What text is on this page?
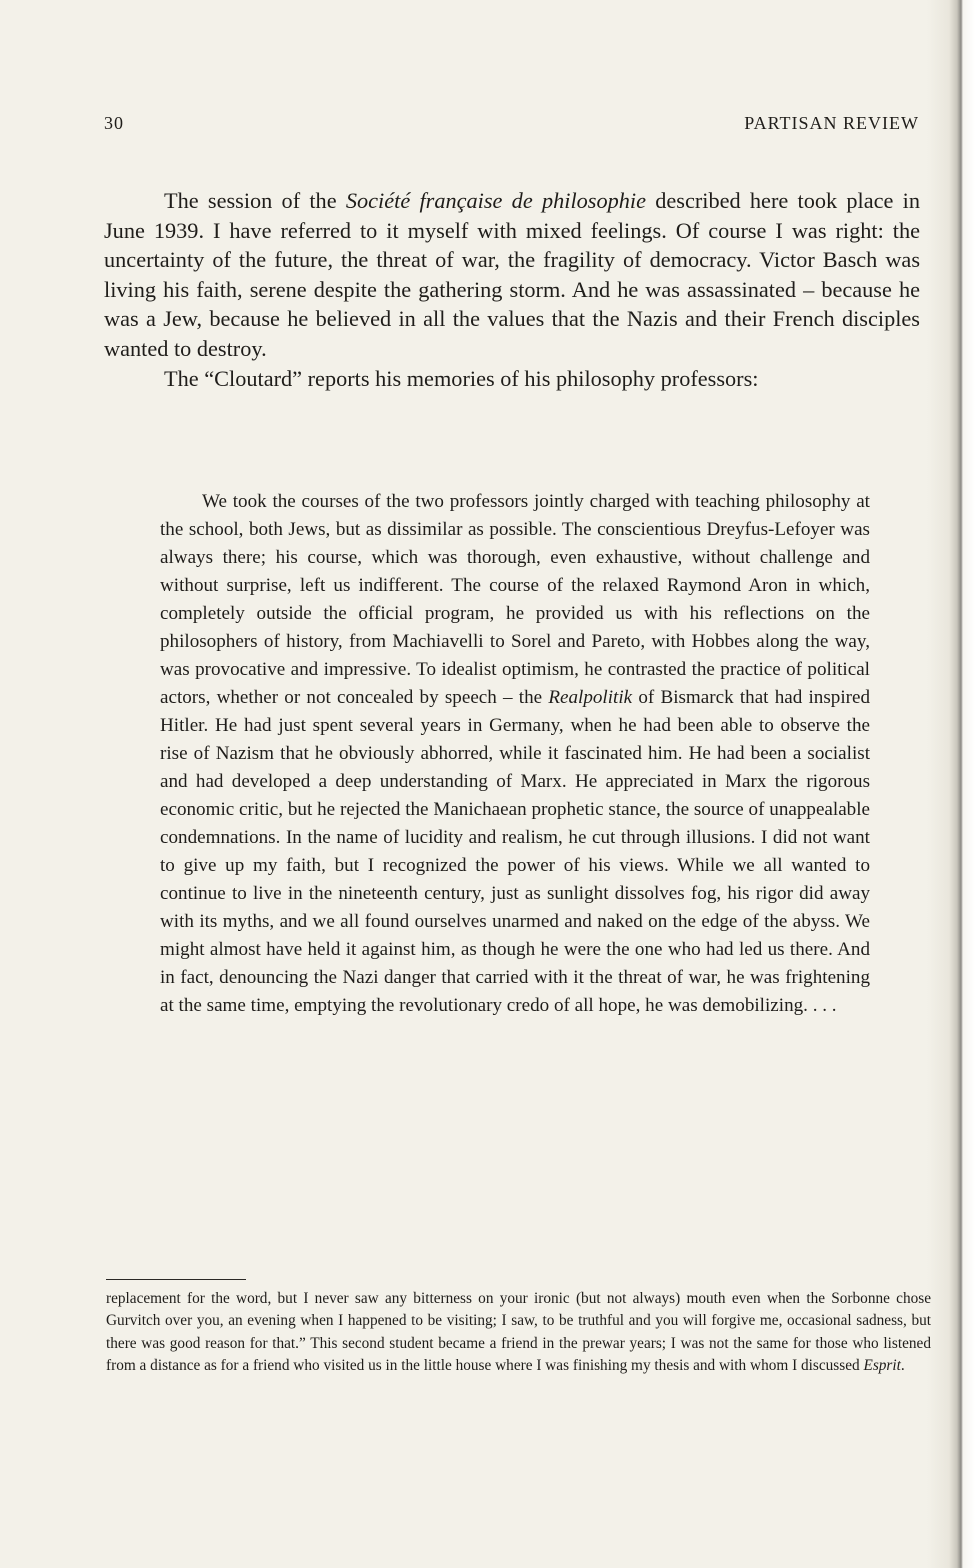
30	PARTISAN REVIEW

The session of the Société française de philosophie described here took place in June 1939. I have referred to it myself with mixed feelings. Of course I was right: the uncertainty of the future, the threat of war, the fragility of democracy. Victor Basch was living his faith, serene despite the gathering storm. And he was assassinated – because he was a Jew, because he believed in all the values that the Nazis and their French disciples wanted to destroy.

The “Cloutard” reports his memories of his philosophy professors:

We took the courses of the two professors jointly charged with teaching philosophy at the school, both Jews, but as dissimilar as possible. The conscientious Dreyfus-Lefoyer was always there; his course, which was thorough, even exhaustive, without challenge and without surprise, left us indifferent. The course of the relaxed Raymond Aron in which, completely outside the official program, he provided us with his reflections on the philosophers of history, from Machiavelli to Sorel and Pareto, with Hobbes along the way, was provocative and impressive. To idealist optimism, he contrasted the practice of political actors, whether or not concealed by speech – the Realpolitik of Bismarck that had inspired Hitler. He had just spent several years in Germany, when he had been able to observe the rise of Nazism that he obviously abhorred, while it fascinated him. He had been a socialist and had developed a deep understanding of Marx. He appreciated in Marx the rigorous economic critic, but he rejected the Manichaean prophetic stance, the source of unappealable condemnations. In the name of lucidity and realism, he cut through illusions. I did not want to give up my faith, but I recognized the power of his views. While we all wanted to continue to live in the nineteenth century, just as sunlight dissolves fog, his rigor did away with its myths, and we all found ourselves unarmed and naked on the edge of the abyss. We might almost have held it against him, as though he were the one who had led us there. And in fact, denouncing the Nazi danger that carried with it the threat of war, he was frightening at the same time, emptying the revolutionary credo of all hope, he was demobilizing. . . .

replacement for the word, but I never saw any bitterness on your ironic (but not always) mouth even when the Sorbonne chose Gurvitch over you, an evening when I happened to be visiting; I saw, to be truthful and you will forgive me, occasional sadness, but there was good reason for that.” This second student became a friend in the prewar years; I was not the same for those who listened from a distance as for a friend who visited us in the little house where I was finishing my thesis and with whom I discussed Esprit.
